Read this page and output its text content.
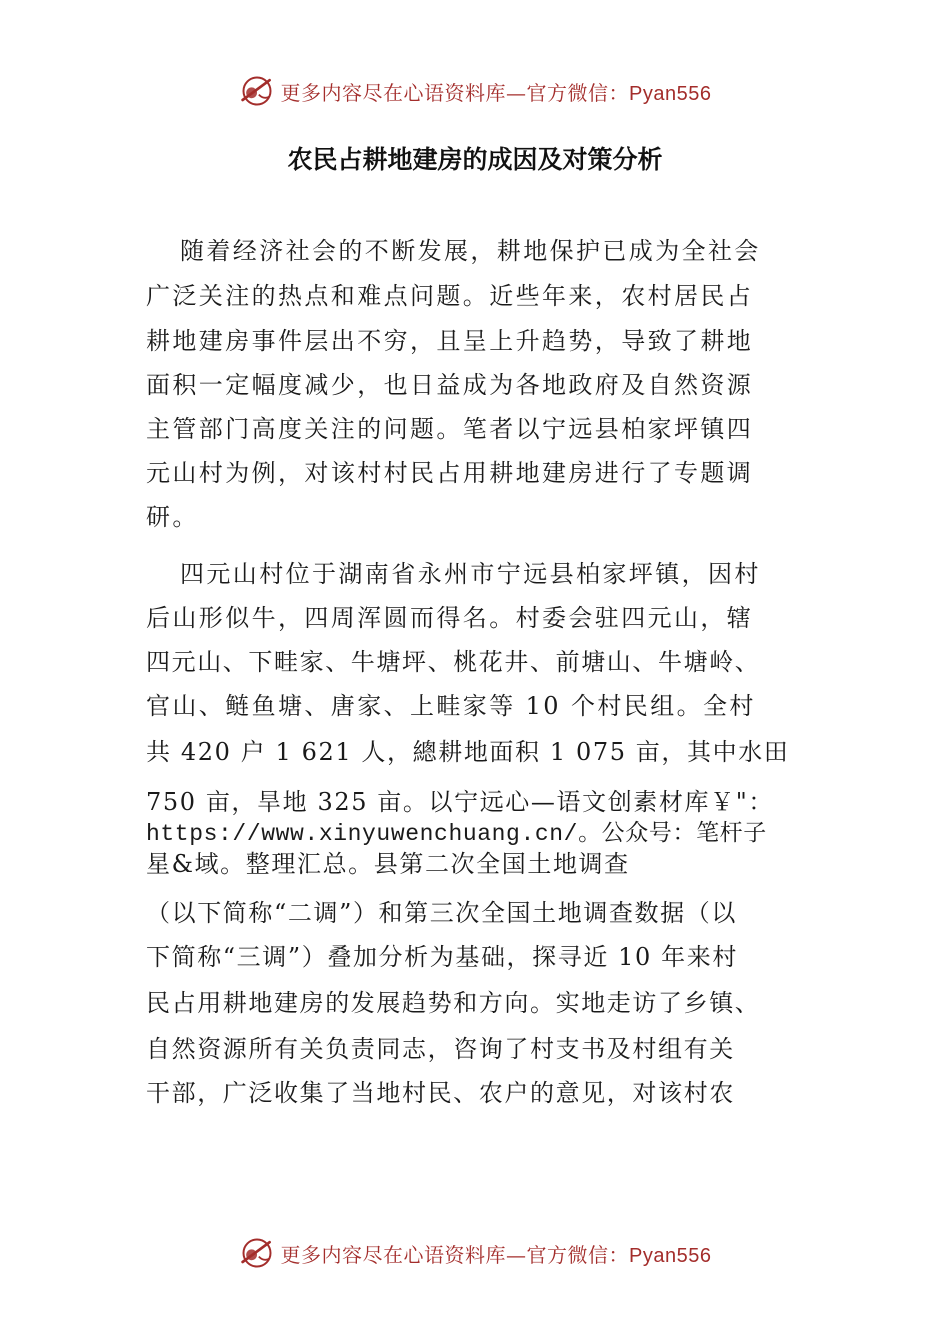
更多内容尽在心语资料库—官方微信：Pyan556
农民占耕地建房的成因及对策分析
随着经济社会的不断发展，耕地保护已成为全社会
广泛关注的热点和难点问题。近些年来，农村居民占
耕地建房事件层出不穷，且呈上升趋势，导致了耕地
面积一定幅度减少，也日益成为各地政府及自然资源
主管部门高度关注的问题。笔者以宁远县柏家坪镇四
元山村为例，对该村村民占用耕地建房进行了专题调
研。
四元山村位于湖南省永州市宁远县柏家坪镇，因村
后山形似牛，四周浑圆而得名。村委会驻四元山，辖
四元山、下畦家、牛塘坪、桃花井、前塘山、牛塘岭、
官山、鲢鱼塘、唐家、上畦家等 10 个村民组。全村
共 420 户 1 621 人，總耕地面积 1 075 亩，其中水田
750 亩，旱地 325 亩。以宁远心—语文创素材库￥"：
https://www.xinyuwenchuang.cn/。公众号：笔杆子
星&域。整理汇总。县第二次全国土地调查
（以下简称“二调”）和第三次全国土地调查数据（以
下简称“三调”）叠加分析为基础，探寻近 10 年来村
民占用耕地建房的发展趋势和方向。实地走访了乡镇、
自然资源所有关负责同志，咨询了村支书及村组有关
干部，广泛收集了当地村民、农户的意见，对该村农
更多内容尽在心语资料库—官方微信：Pyan556
